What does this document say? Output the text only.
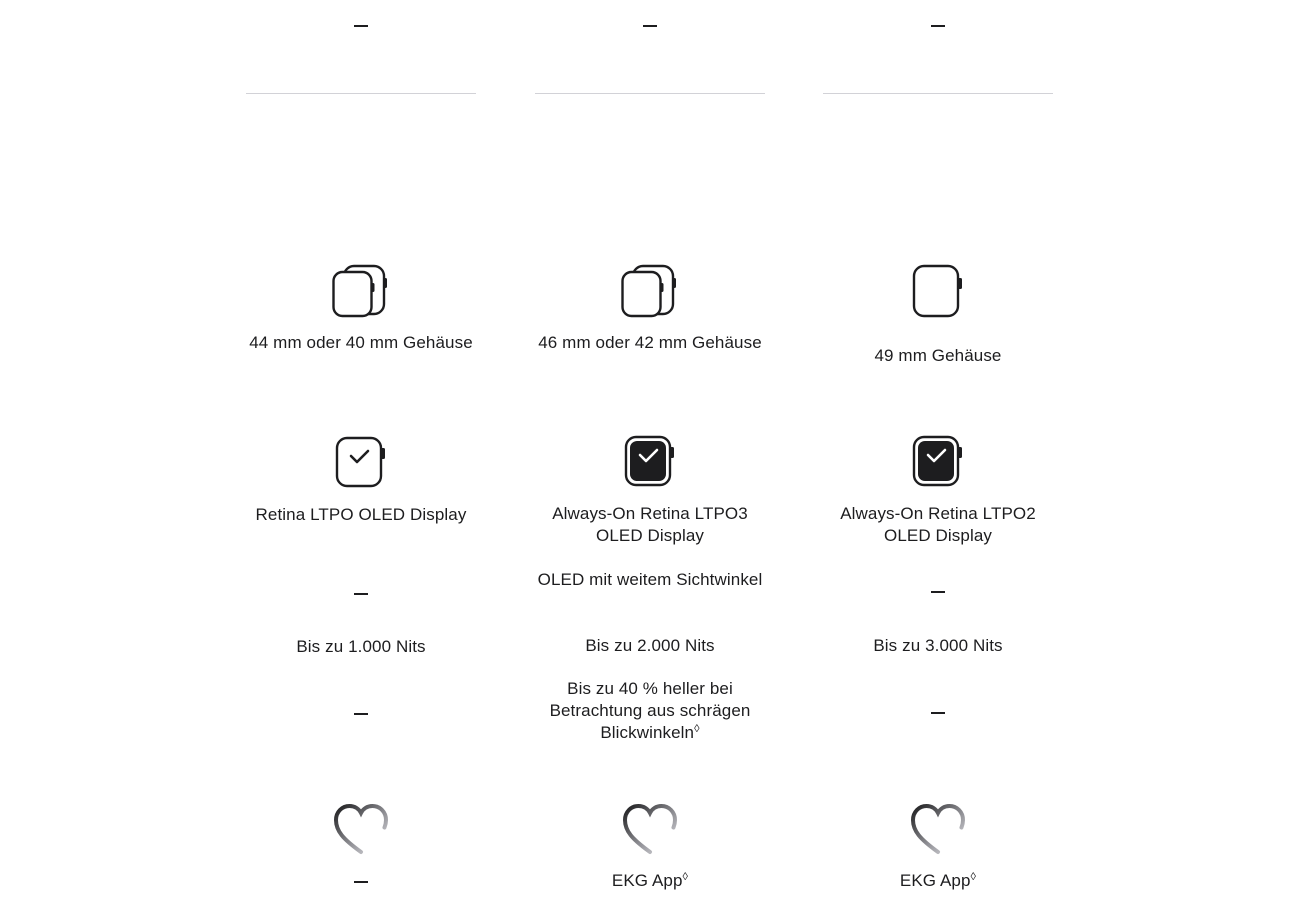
44 mm oder 40 mm Gehäuse
Retina LTPO OLED Display
Bis zu 1.000 Nits
46 mm oder 42 mm Gehäuse
Always-On Retina LTPO3 OLED Display
OLED mit weitem Sichtwinkel
Bis zu 2.000 Nits
Bis zu 40 % heller bei Betrachtung aus schrägen Blickwinkeln◊
EKG App◊
49 mm Gehäuse
Always-On Retina LTPO2 OLED Display
Bis zu 3.000 Nits
EKG App◊
